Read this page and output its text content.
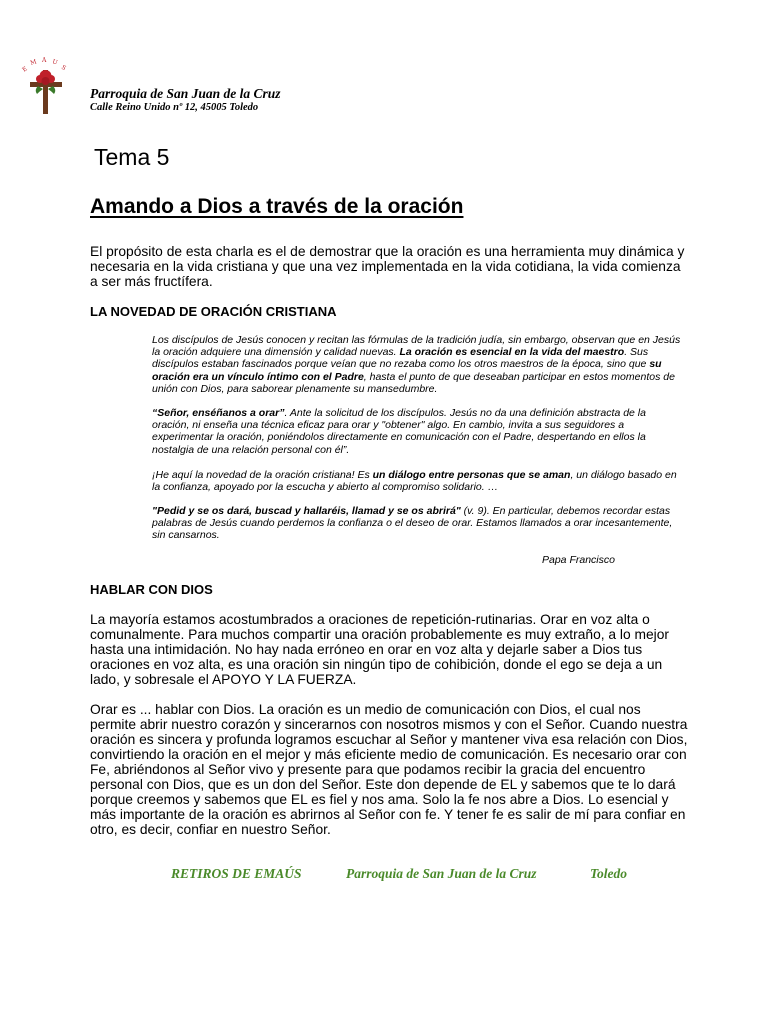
E
M A U
S
Parroquia de San Juan de la Cruz
Calle Reino Unido nº 12, 45005 Toledo
Tema 5
Amando a Dios a través de la oración

El propósito de esta charla es el de demostrar que la oración es una herramienta muy dinámica y necesaria en la vida cristiana y que una vez implementada en la vida cotidiana, la vida comienza a ser más fructífera.

LA NOVEDAD DE ORACIÓN CRISTIANA

Los discípulos de Jesús conocen y recitan las fórmulas de la tradición judía, sin embargo, observan que en Jesús la oración adquiere una dimensión y calidad nuevas. La oración es esencial en la vida del maestro. Sus discípulos estaban fascinados porque veían que no rezaba como los otros maestros de la época, sino que su oración era un vínculo íntimo con el Padre, hasta el punto de que deseaban participar en estos momentos de unión con Dios, para saborear plenamente su mansedumbre.

“Señor, enséñanos a orar”. Ante la solicitud de los discípulos. Jesús no da una definición abstracta de la oración, ni enseña una técnica eficaz para orar y "obtener" algo. En cambio, invita a sus seguidores a experimentar la oración, poniéndolos directamente en comunicación con el Padre, despertando en ellos la nostalgia de una relación personal con él”.

¡He aquí la novedad de la oración cristiana! Es un diálogo entre personas que se aman, un diálogo basado en la confianza, apoyado por la escucha y abierto al compromiso solidario. …

"Pedid y se os dará, buscad y hallaréis, llamad y se os abrirá" (v. 9). En particular, debemos recordar estas palabras de Jesús cuando perdemos la confianza o el deseo de orar. Estamos llamados a orar incesantemente, sin cansarnos.

Papa Francisco

HABLAR CON DIOS

La mayoría estamos acostumbrados a oraciones de repetición-rutinarias. Orar en voz alta o comunalmente. Para muchos compartir una oración probablemente es muy extraño, a lo mejor hasta una intimidación. No hay nada erróneo en orar en voz alta y dejarle saber a Dios tus oraciones en voz alta, es una oración sin ningún tipo de cohibición, donde el ego se deja a un lado, y sobresale el APOYO Y LA FUERZA.

Orar es ... hablar con Dios. La oración es un medio de comunicación con Dios, el cual nos permite abrir nuestro corazón y sincerarnos con nosotros mismos y con el Señor. Cuando nuestra oración es sincera y profunda logramos escuchar al Señor y mantener viva esa relación con Dios, convirtiendo la oración en el mejor y más eficiente medio de comunicación. Es necesario orar con Fe, abriéndonos al Señor vivo y presente para que podamos recibir la gracia del encuentro personal con Dios, que es un don del Señor. Este don depende de EL y sabemos que te lo dará porque creemos y sabemos que EL es fiel y nos ama. Solo la fe nos abre a Dios. Lo esencial y más importante de la oración es abrirnos al Señor con fe. Y tener fe es salir de mí para confiar en otro, es decir, confiar en nuestro Señor.

RETIROS DE EMAÚS	Parroquia de San Juan de la Cruz	Toledo
